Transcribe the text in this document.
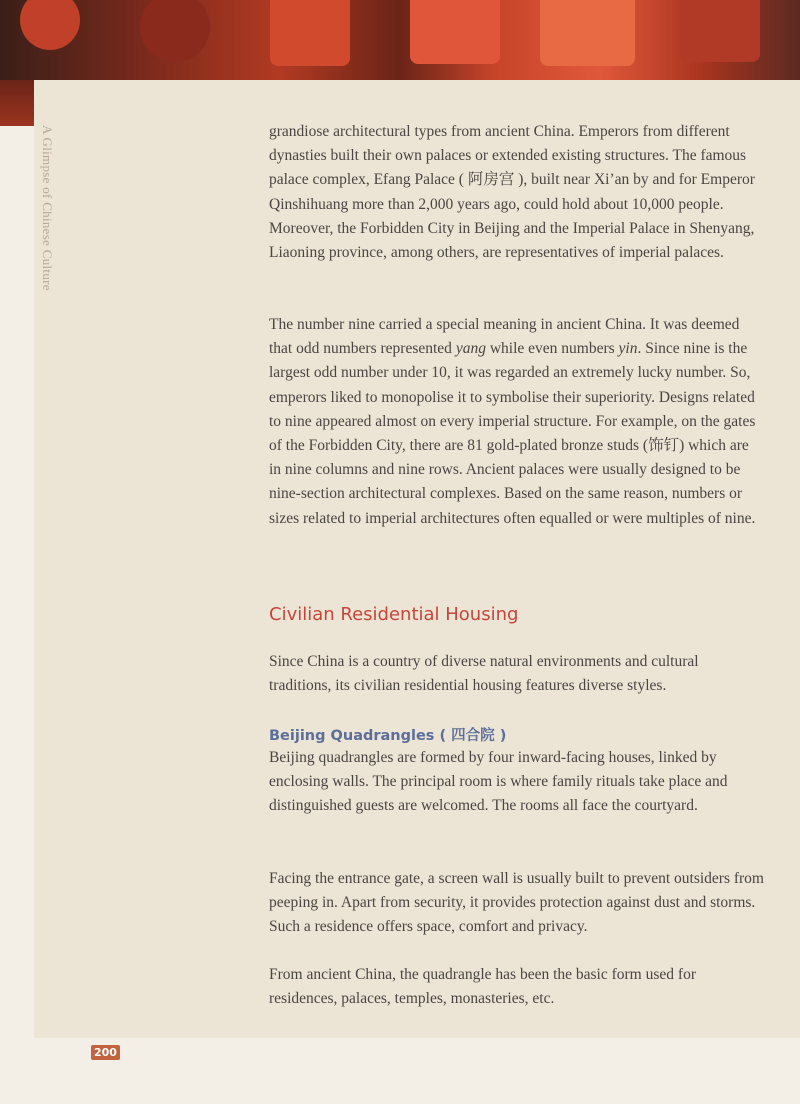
A Glimpse of Chinese Culture	grandiose architectural types from ancient China. Emperors from different dynasties built their own palaces or extended existing structures. The famous palace complex, Efang Palace ( 阿房宫 ), built near Xi’an by and for Emperor Qinshihuang more than 2,000 years ago, could hold about 10,000 people. Moreover, the Forbidden City in Beijing and the Imperial Palace in Shenyang, Liaoning province, among others, are representatives of imperial palaces.

The number nine carried a special meaning in ancient China. It was deemed that odd numbers represented yang while even numbers yin. Since nine is the largest odd number under 10, it was regarded an extremely lucky number. So, emperors liked to monopolise it to symbolise their superiority. Designs related to nine appeared almost on every imperial structure. For example, on the gates of the Forbidden City, there are 81 gold-plated bronze studs (饰钉) which are in nine columns and nine rows. Ancient palaces were usually designed to be nine-section architectural complexes. Based on the same reason, numbers or sizes related to imperial architectures often equalled or were multiples of nine.

Civilian Residential Housing

Since China is a country of diverse natural environments and cultural traditions, its civilian residential housing features diverse styles.

Beijing Quadrangles ( 四合院 )

Beijing quadrangles are formed by four inward-facing houses, linked by enclosing walls. The principal room is where family rituals take place and distinguished guests are welcomed. The rooms all face the courtyard.

Facing the entrance gate, a screen wall is usually built to prevent outsiders from peeping in. Apart from security, it provides protection against dust and storms. Such a residence offers space, comfort and privacy.

From ancient China, the quadrangle has been the basic form used for residences, palaces, temples, monasteries, etc.

200
